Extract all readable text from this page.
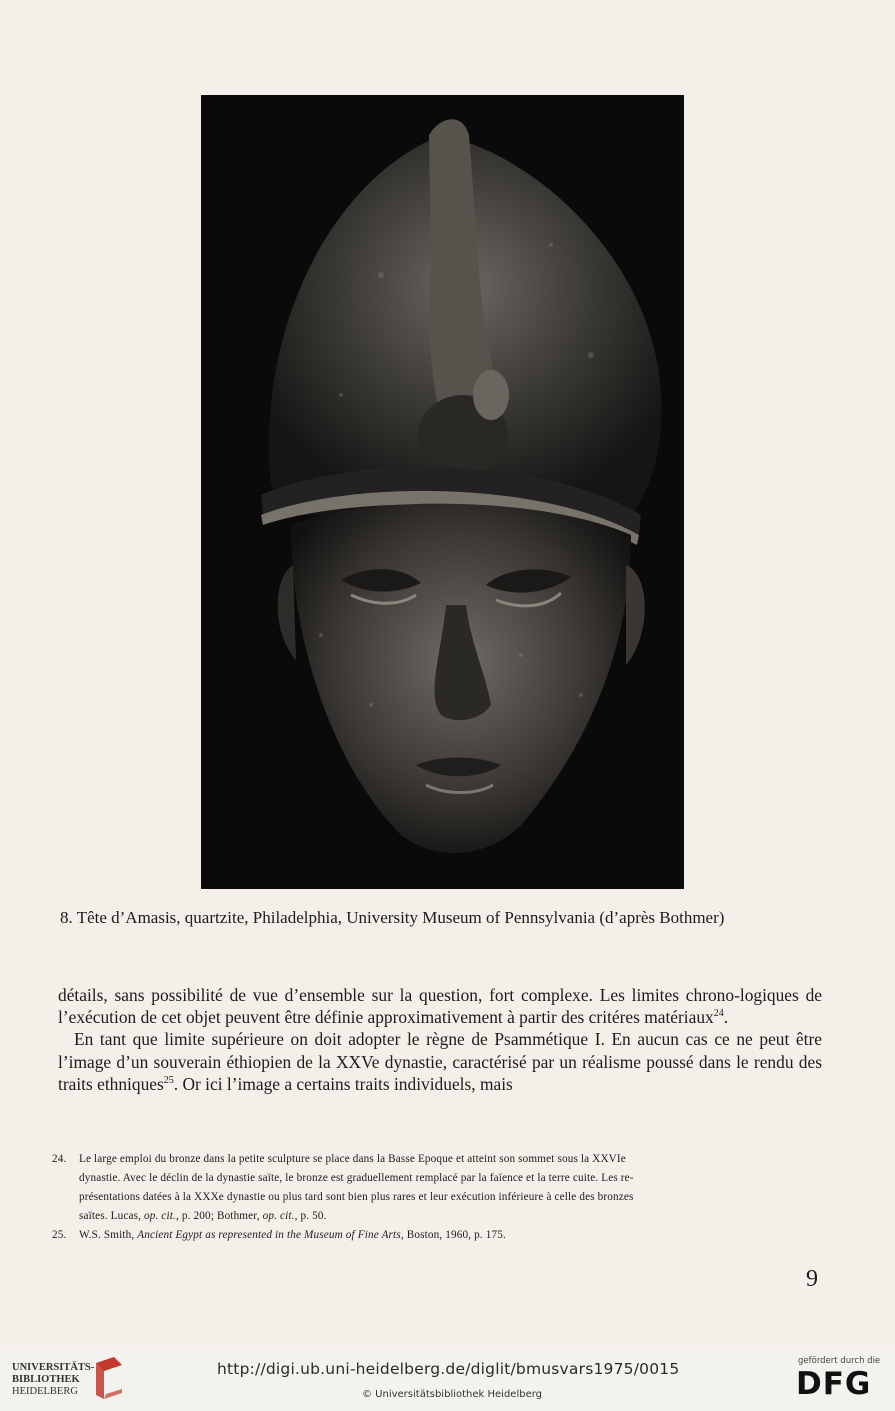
8. Tête d’Amasis, quartzite, Philadelphia, University Museum of Pennsylvania (d’après Bothmer)

détails, sans possibilité de vue d’ensemble sur la question, fort complexe. Les limites chrono-logiques de l’exécution de cet objet peuvent être définie approximativement à partir des critéres matériaux$^{24}$.

En tant que limite supérieure on doit adopter le règne de Psammétique I. En aucun cas ce ne peut être l’image d’un souverain éthiopien de la XXVe dynastie, caractérisé par un réalisme poussé dans le rendu des traits ethniques$^{25}$. Or ici l’image a certains traits individuels, mais

24. Le large emploi du bronze dans la petite sculpture se place dans la Basse Epoque et atteint son sommet sous la XXVIe
dynastie. Avec le déclin de la dynastie saïte, le bronze est graduellement remplacé par la faïence et la terre cuite. Les re-
présentations datées à la XXXe dynastie ou plus tard sont bien plus rares et leur exécution inférieure à celle des bronzes
saïtes. Lucas, op. cit., p. 200; Bothmer, op. cit., p. 50.
25. W.S. Smith, Ancient Egypt as represented in the Museum of Fine Arts, Boston, 1960, p. 175.
9
UNIVERSITÄTS-
BIBLIOTHEK
HEIDELBERG
http://digi.ub.uni-heidelberg.de/diglit/bmusvars1975/0015
© Universitätsbibliothek Heidelberg
gefördert durch die
DFG
